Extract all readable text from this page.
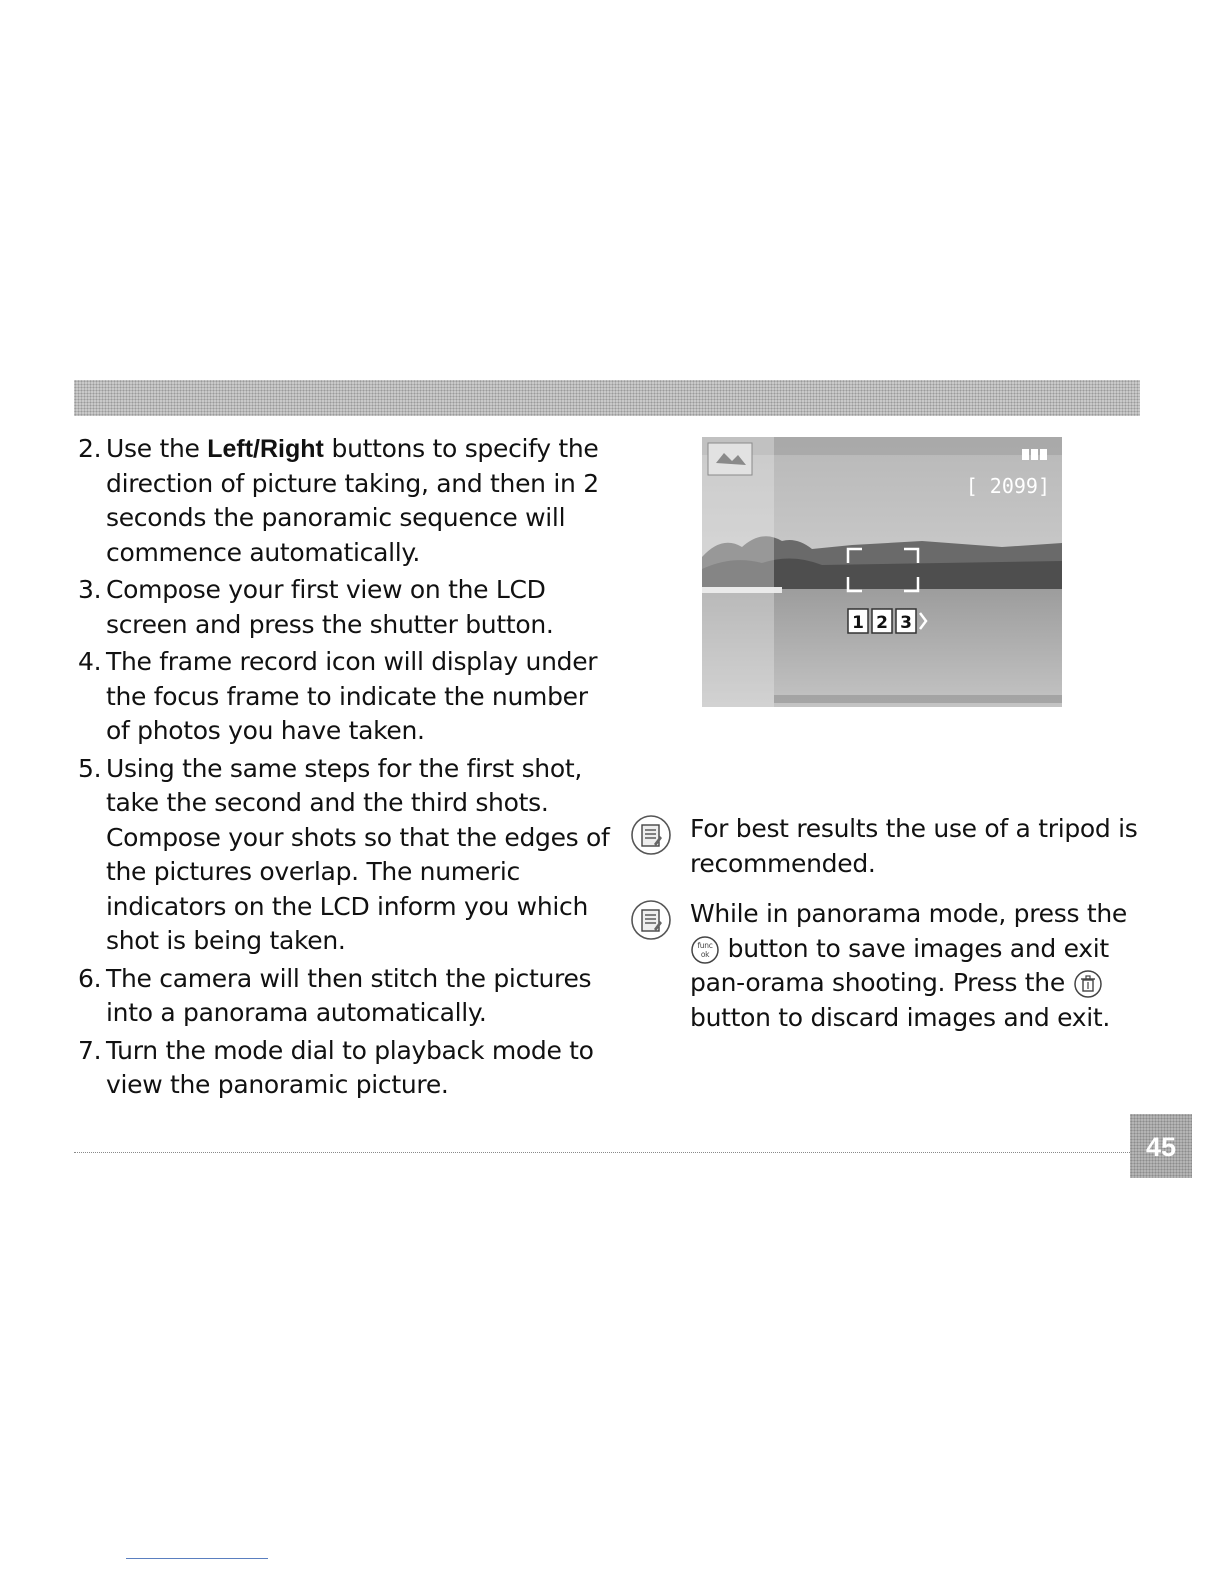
2. Use the Left/Right buttons to specify the direction of picture taking, and then in 2 seconds the panoramic sequence will commence automatically.
3. Compose your first view on the LCD screen and press the shutter button.
4. The frame record icon will display under the focus frame to indicate the number of photos you have taken.
5. Using the same steps for the first shot, take the second and the third shots. Compose your shots so that the edges of the pictures overlap. The numeric indicators on the LCD inform you which shot is being taken.
6. The camera will then stitch the pictures into a panorama automatically.
7. Turn the mode dial to playback mode to view the panoramic picture.
[ 2099]
1 2 3
For best results the use of a tripod is recommended.
While in panorama mode, press the
func
ok button to save images and exit pan-orama shooting. Press the  button to discard images and exit.
45
